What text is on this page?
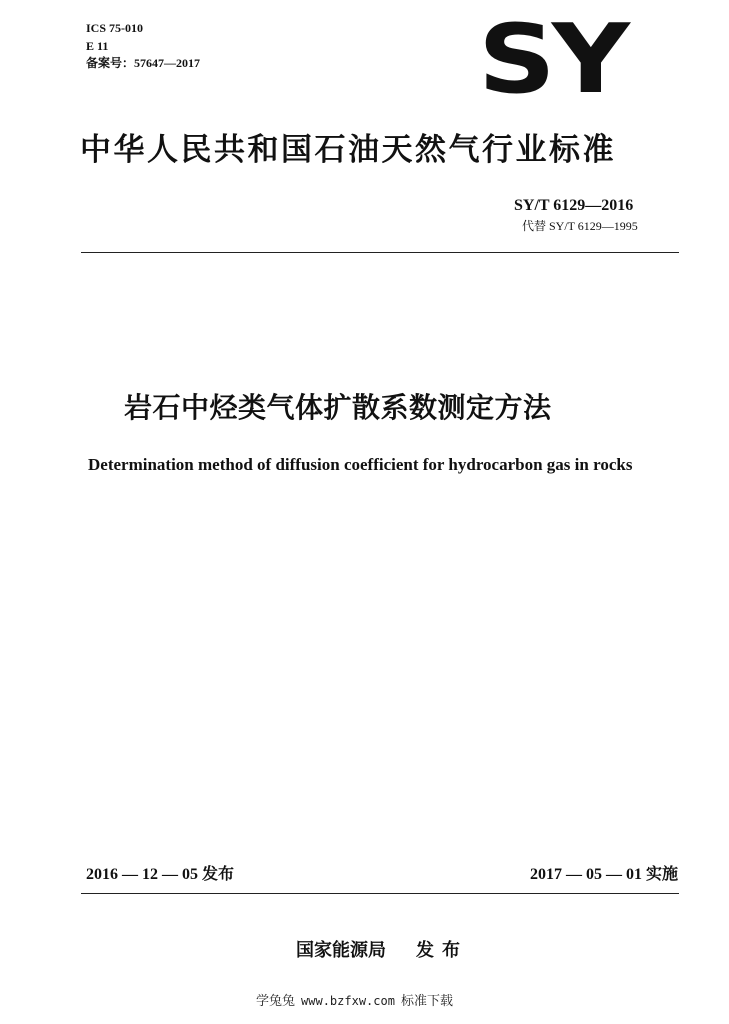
ICS 75-010
E 11
备案号：57647—2017	SY
中华人民共和国石油天然气行业标准
SY/T 6129—2016
代替 SY/T 6129—1995
岩石中烃类气体扩散系数测定方法
Determination method of diffusion coefficient for hydrocarbon gas in rocks
2016 — 12 — 05 发布	2017 — 05 — 01 实施
国家能源局 发布
学兔兔 www.bzfxw.com 标准下载
